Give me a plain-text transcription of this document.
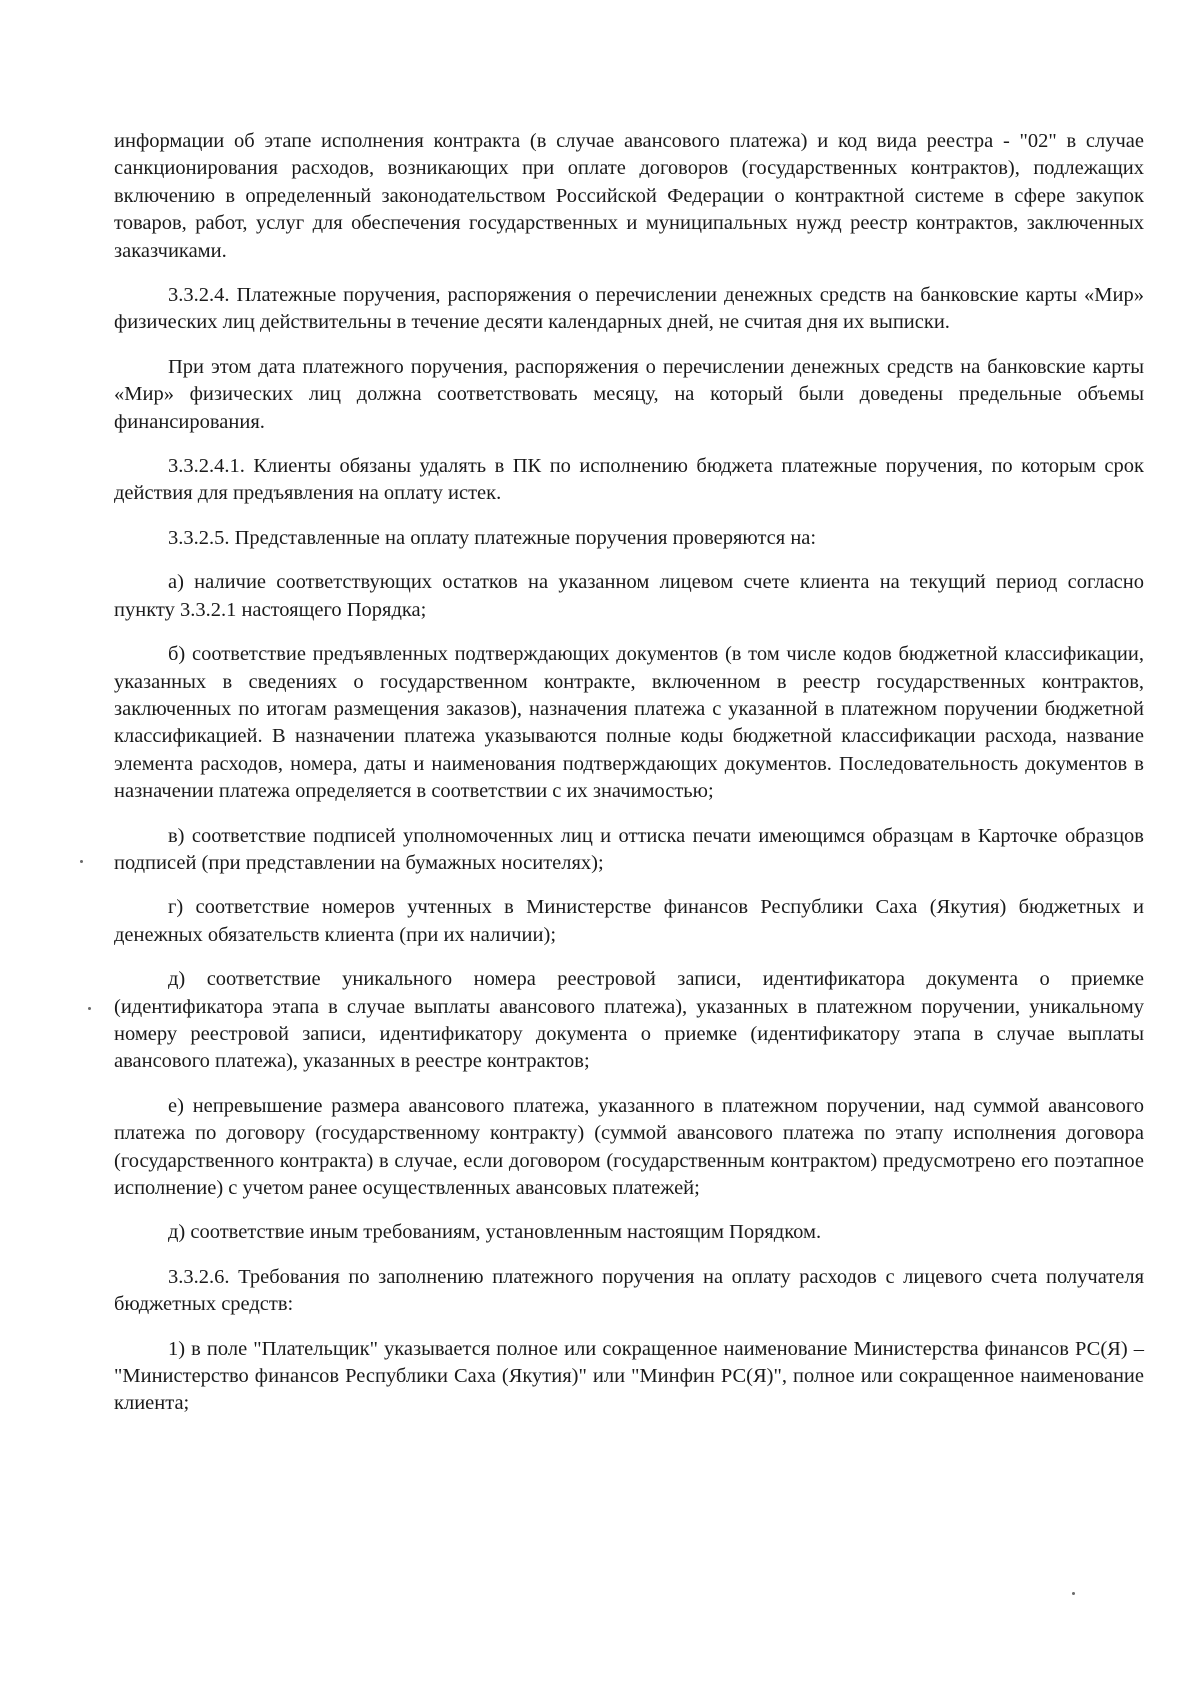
информации об этапе исполнения контракта (в случае авансового платежа) и код вида реестра - "02" в случае санкционирования расходов, возникающих при оплате договоров (государственных контрактов), подлежащих включению в определенный законодательством Российской Федерации о контрактной системе в сфере закупок товаров, работ, услуг для обеспечения государственных и муниципальных нужд реестр контрактов, заключенных заказчиками.

3.3.2.4. Платежные поручения, распоряжения о перечислении денежных средств на банковские карты «Мир» физических лиц действительны в течение десяти календарных дней, не считая дня их выписки.

При этом дата платежного поручения, распоряжения о перечислении денежных средств на банковские карты «Мир» физических лиц должна соответствовать месяцу, на который были доведены предельные объемы финансирования.

3.3.2.4.1. Клиенты обязаны удалять в ПК по исполнению бюджета платежные поручения, по которым срок действия для предъявления на оплату истек.

3.3.2.5. Представленные на оплату платежные поручения проверяются на:

а) наличие соответствующих остатков на указанном лицевом счете клиента на текущий период согласно пункту 3.3.2.1 настоящего Порядка;

б) соответствие предъявленных подтверждающих документов (в том числе кодов бюджетной классификации, указанных в сведениях о государственном контракте, включенном в реестр государственных контрактов, заключенных по итогам размещения заказов), назначения платежа с указанной в платежном поручении бюджетной классификацией. В назначении платежа указываются полные коды бюджетной классификации расхода, название элемента расходов, номера, даты и наименования подтверждающих документов. Последовательность документов в назначении платежа определяется в соответствии с их значимостью;

в) соответствие подписей уполномоченных лиц и оттиска печати имеющимся образцам в Карточке образцов подписей (при представлении на бумажных носителях);

г) соответствие номеров учтенных в Министерстве финансов Республики Саха (Якутия) бюджетных и денежных обязательств клиента (при их наличии);

д) соответствие уникального номера реестровой записи, идентификатора документа о приемке (идентификатора этапа в случае выплаты авансового платежа), указанных в платежном поручении, уникальному номеру реестровой записи, идентификатору документа о приемке (идентификатору этапа в случае выплаты авансового платежа), указанных в реестре контрактов;

е) непревышение размера авансового платежа, указанного в платежном поручении, над суммой авансового платежа по договору (государственному контракту) (суммой авансового платежа по этапу исполнения договора (государственного контракта) в случае, если договором (государственным контрактом) предусмотрено его поэтапное исполнение) с учетом ранее осуществленных авансовых платежей;

д) соответствие иным требованиям, установленным настоящим Порядком.

3.3.2.6. Требования по заполнению платежного поручения на оплату расходов с лицевого счета получателя бюджетных средств:

1) в поле "Плательщик" указывается полное или сокращенное наименование Министерства финансов РС(Я) – "Министерство финансов Республики Саха (Якутия)" или "Минфин РС(Я)", полное или сокращенное наименование клиента;
